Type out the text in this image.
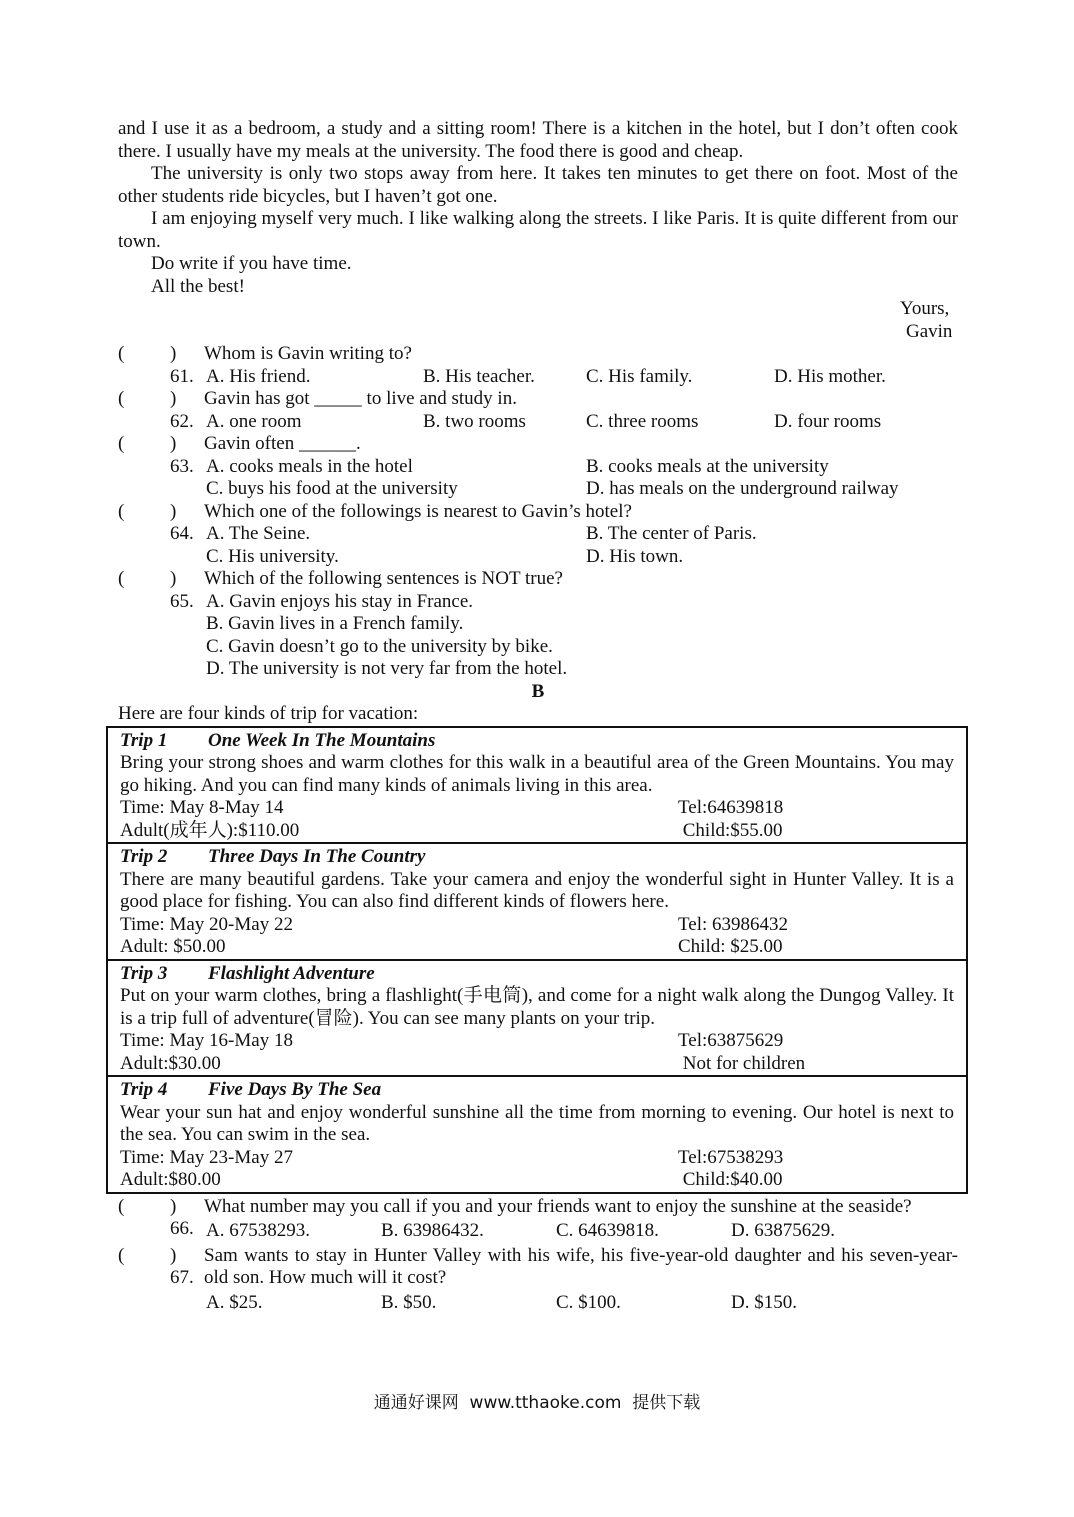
and I use it as a bedroom, a study and a sitting room! There is a kitchen in the hotel, but I don’t often cook there. I usually have my meals at the university. The food there is good and cheap.

The university is only two stops away from here. It takes ten minutes to get there on foot. Most of the other students ride bicycles, but I haven’t got one.

I am enjoying myself very much. I like walking along the streets. I like Paris. It is quite different from our town.

Do write if you have time.

All the best!

Yours,

Gavin

( ) 61.
Whom is Gavin writing to?

A. His friend.	B. His teacher.	C. His family.	D. His mother.

( ) 62.
Gavin has got _____ to live and study in.

A. one room	B. two rooms	C. three rooms	D. four rooms

( ) 63.
Gavin often ______.

A. cooks meals in the hotel	B. cooks meals at the university
C. buys his food at the university	D. has meals on the underground railway

( ) 64.
Which one of the followings is nearest to Gavin’s hotel?

A. The Seine.	B. The center of Paris.
C. His university.	D. His town.

( ) 65.
Which of the following sentences is NOT true?

A. Gavin enjoys his stay in France.
B. Gavin lives in a French family.
C. Gavin doesn’t go to the university by bike.
D. The university is not very far from the hotel.

B

Here are four kinds of trip for vacation:

Trip 1 One Week In The Mountains
Bring your strong shoes and warm clothes for this walk in a beautiful area of the Green Mountains. You may go hiking. And you can find many kinds of animals living in this area.
Time: May 8-May 14	Tel:64639818
Adult(成年人):$110.00	Child:$55.00
Trip 2 Three Days In The Country
There are many beautiful gardens. Take your camera and enjoy the wonderful sight in Hunter Valley. It is a good place for fishing. You can also find different kinds of flowers here.
Time: May 20-May 22	Tel: 63986432
Adult: $50.00	Child: $25.00
Trip 3 Flashlight Adventure
Put on your warm clothes, bring a flashlight(手电筒), and come for a night walk along the Dungog Valley. It is a trip full of adventure(冒险). You can see many plants on your trip.
Time: May 16-May 18	Tel:63875629
Adult:$30.00	Not for children
Trip 4 Five Days By The Sea
Wear your sun hat and enjoy wonderful sunshine all the time from morning to evening. Our hotel is next to the sea. You can swim in the sea.
Time: May 23-May 27	Tel:67538293
Adult:$80.00	Child:$40.00

( ) 66.
What number may you call if you and your friends want to enjoy the sunshine at the seaside?

A. 67538293.	B. 63986432.	C. 64639818.	D. 63875629.

( ) 67.
Sam wants to stay in Hunter Valley with his wife, his five-year-old daughter and his seven-year-old son. How much will it cost?

A. $25.	B. $50.	C. $100.	D. $150.
通通好课网  www.tthaoke.com  提供下载
